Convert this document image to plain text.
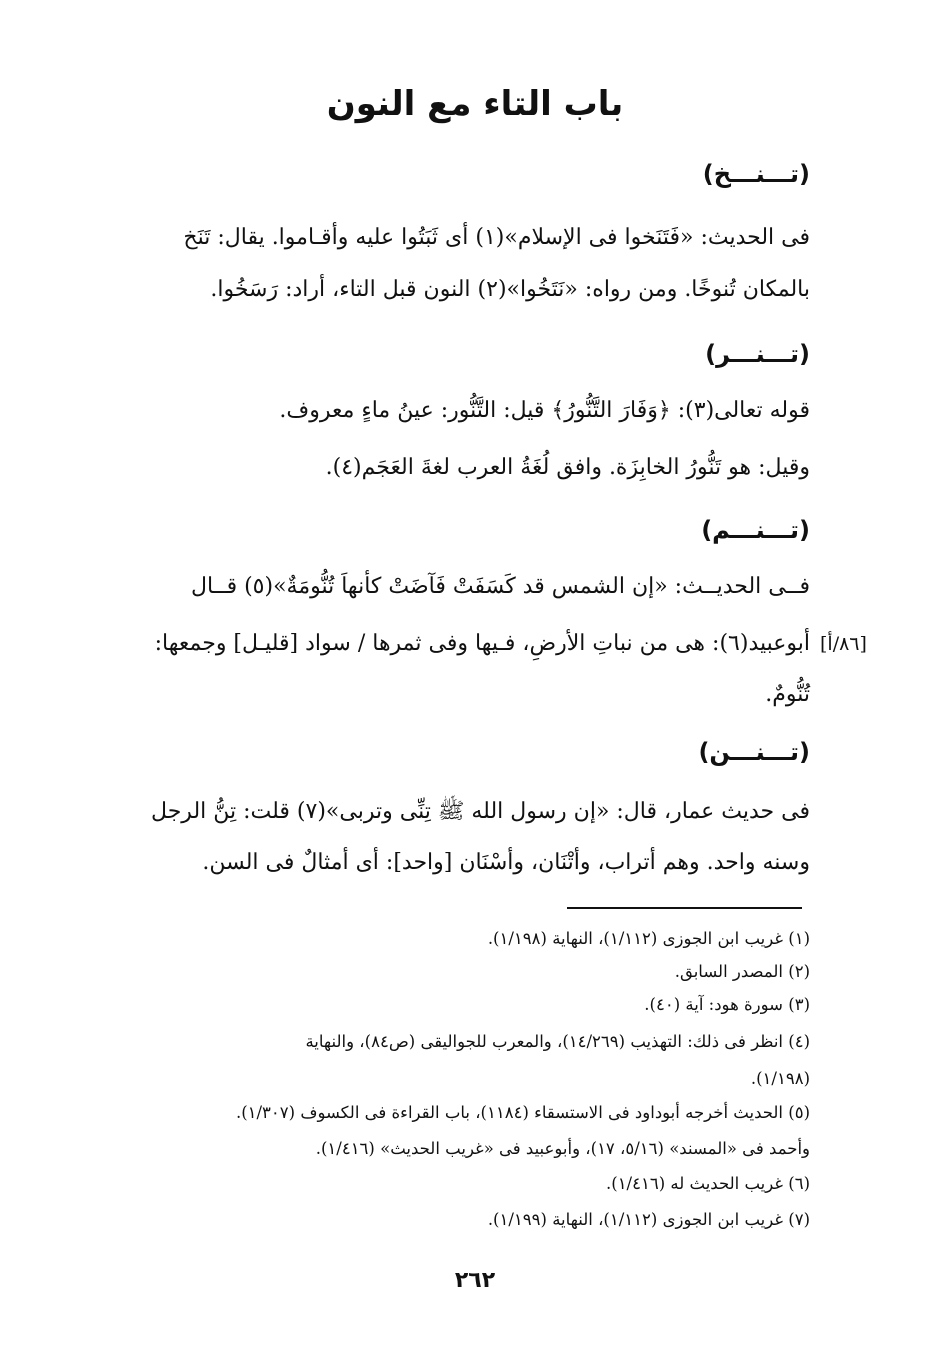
باب التاء مع النون
(تـــنـــخ)
فى الحديث: «فَتَنَخوا فى الإسلام»(١) أى ثَبَتُوا عليه وأقـاموا. يقال: تَنَخ
بالمكان تُنوخًا. ومن رواه: «نَتَخُوا»(٢) النون قبل التاء، أراد: رَسَخُوا.
(تـــنـــر)
قوله تعالى(٣): ﴿وَفَارَ التَّنُّورُ﴾ قيل: التَّنُّور: عينُ ماءٍ معروف.
وقيل: هو تَنُّورُ الخابِزَة. وافق لُغَةُ العرب لغةَ العَجَم(٤).
(تـــنـــم)
فــى الحديــث: «إن الشمس قد كَسَفَتْ فَآضَتْ كأنهاَ تُنُّومَةٌ»(٥) قــال
أبوعبيد(٦): هى من نباتِ الأرضِ، فـيها وفى ثمرها / سواد [قليـل] وجمعها: [٨٦/أ]
تُنُّومٌ.
(تـــنـــن)
فى حديث عمار، قال: «إن رسول الله ﷺ تِنِّى وتربى»(٧) قلت: تِنُّ الرجل
وسنه واحد. وهم أتراب، وأتْنَان، وأسْنَان [واحد]: أى أمثالٌ فى السن.
(١) غريب ابن الجوزى (١/١١٢)، النهاية (١/١٩٨).
(٢) المصدر السابق.
(٣) سورة هود: آية (٤٠).
(٤) انظر فى ذلك: التهذيب (١٤/٢٦٩)، والمعرب للجواليقى (ص٨٤)، والنهاية
(١/١٩٨).
(٥) الحديث أخرجه أبوداود فى الاستسقاء (١١٨٤)، باب القراءة فى الكسوف (١/٣٠٧).
وأحمد فى «المسند» (٥/١٦، ١٧)، وأبوعبيد فى «غريب الحديث» (١/٤١٦).
(٦) غريب الحديث له (١/٤١٦).
(٧) غريب ابن الجوزى (١/١١٢)، النهاية (١/١٩٩).
٢٦٢
